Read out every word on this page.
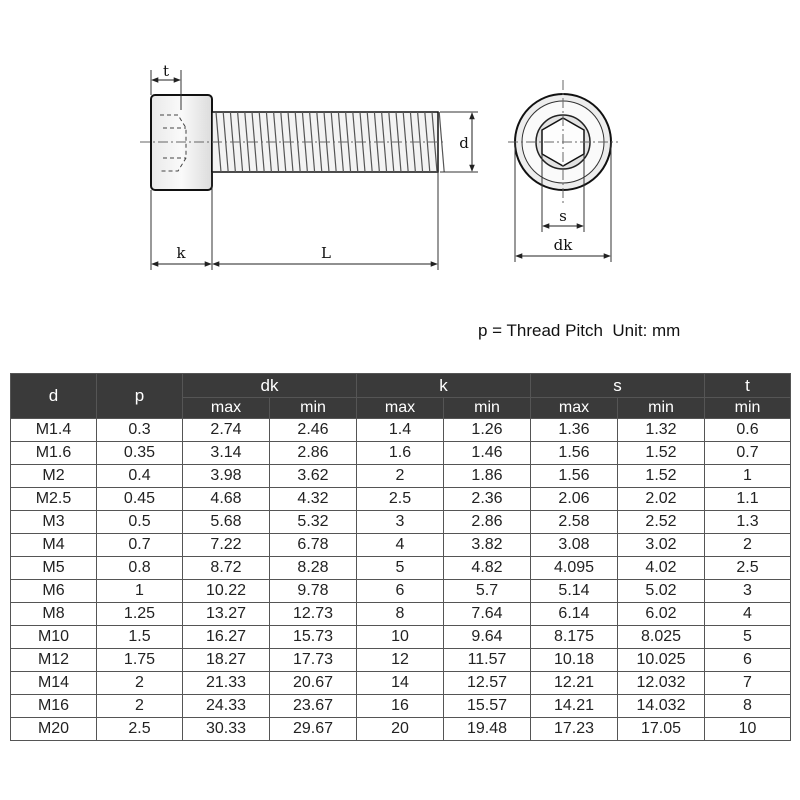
t
k	L
d
s
dk
p = Thread Pitch  Unit: mm
d	p	dk		k		s		t
		max	min	max	min	max	min	min
M1.4	0.3	2.74	2.46	1.4	1.26	1.36	1.32	0.6
M1.6	0.35	3.14	2.86	1.6	1.46	1.56	1.52	0.7
M2	0.4	3.98	3.62	2	1.86	1.56	1.52	1
M2.5	0.45	4.68	4.32	2.5	2.36	2.06	2.02	1.1
M3	0.5	5.68	5.32	3	2.86	2.58	2.52	1.3
M4	0.7	7.22	6.78	4	3.82	3.08	3.02	2
M5	0.8	8.72	8.28	5	4.82	4.095	4.02	2.5
M6	1	10.22	9.78	6	5.7	5.14	5.02	3
M8	1.25	13.27	12.73	8	7.64	6.14	6.02	4
M10	1.5	16.27	15.73	10	9.64	8.175	8.025	5
M12	1.75	18.27	17.73	12	11.57	10.18	10.025	6
M14	2	21.33	20.67	14	12.57	12.21	12.032	7
M16	2	24.33	23.67	16	15.57	14.21	14.032	8
M20	2.5	30.33	29.67	20	19.48	17.23	17.05	10
